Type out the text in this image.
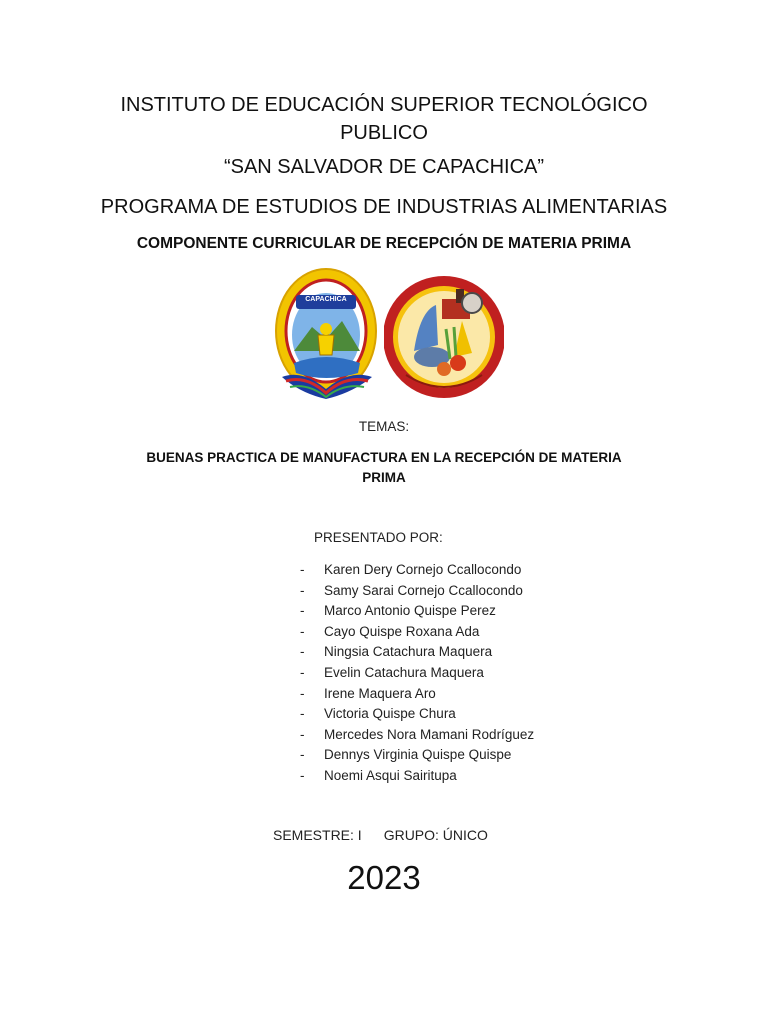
INSTITUTO DE EDUCACIÓN SUPERIOR TECNOLÓGICO
PUBLICO
“SAN SALVADOR DE CAPACHICA”
PROGRAMA DE ESTUDIOS DE INDUSTRIAS ALIMENTARIAS
COMPONENTE CURRICULAR DE RECEPCIÓN DE MATERIA PRIMA
CAPACHICA
TEMAS:
BUENAS PRACTICA DE MANUFACTURA EN LA RECEPCIÓN DE MATERIA
PRIMA
PRESENTADO POR:
- Karen Dery Cornejo Ccallocondo
- Samy Sarai Cornejo Ccallocondo
- Marco Antonio Quispe Perez
- Cayo Quispe Roxana Ada
- Ningsia Catachura Maquera
- Evelin Catachura Maquera
- Irene Maquera Aro
- Victoria Quispe Chura
- Mercedes Nora Mamani Rodríguez
- Dennys Virginia Quispe Quispe
- Noemi Asqui Sairitupa
SEMESTRE: I GRUPO: ÚNICO
2023
